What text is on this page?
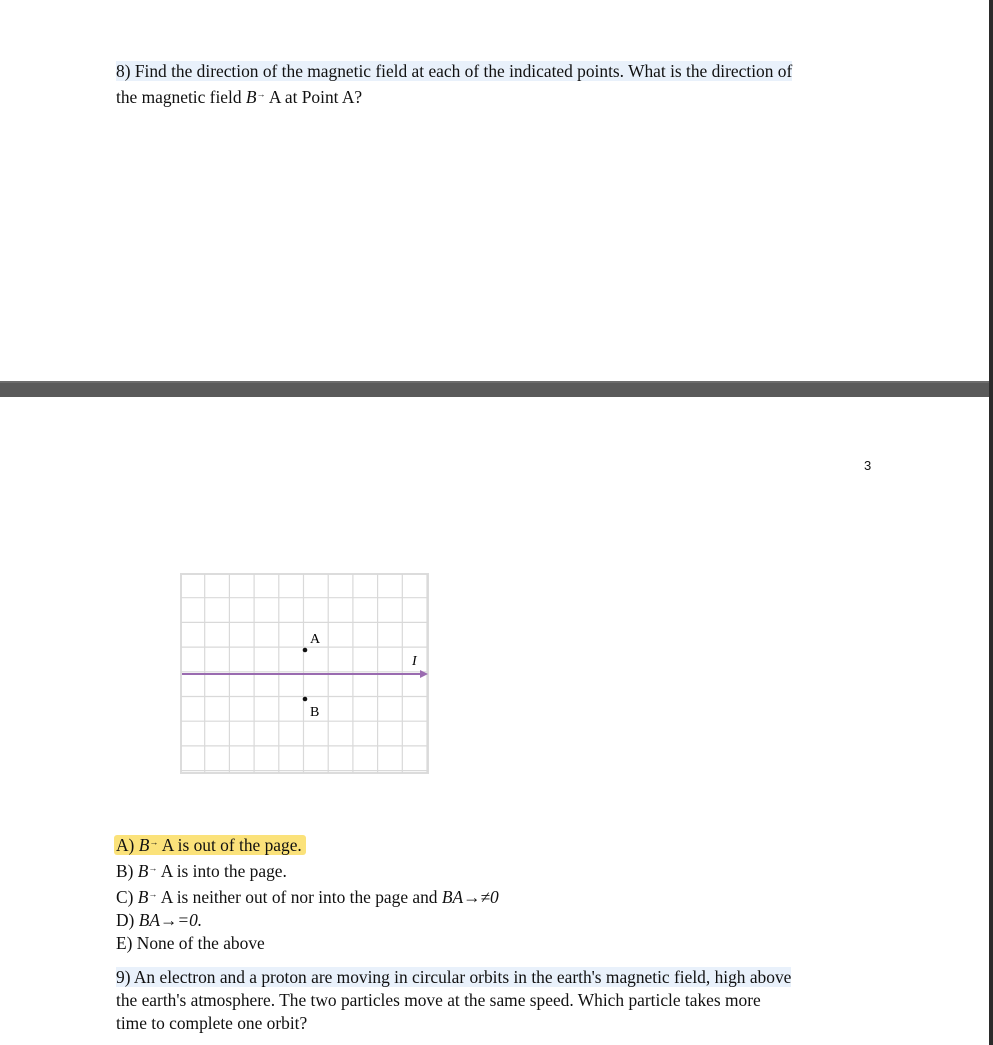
8) Find the direction of the magnetic field at each of the indicated points. What is the direction of
the magnetic field B→ A at Point A?
3
A
B
I
A) B→ A is out of the page.
B) B→ A is into the page.
C) B→ A is neither out of nor into the page and BA→≠0
D) BA→=0.
E) None of the above
9) An electron and a proton are moving in circular orbits in the earth's magnetic field, high above
the earth's atmosphere. The two particles move at the same speed. Which particle takes more
time to complete one orbit?
